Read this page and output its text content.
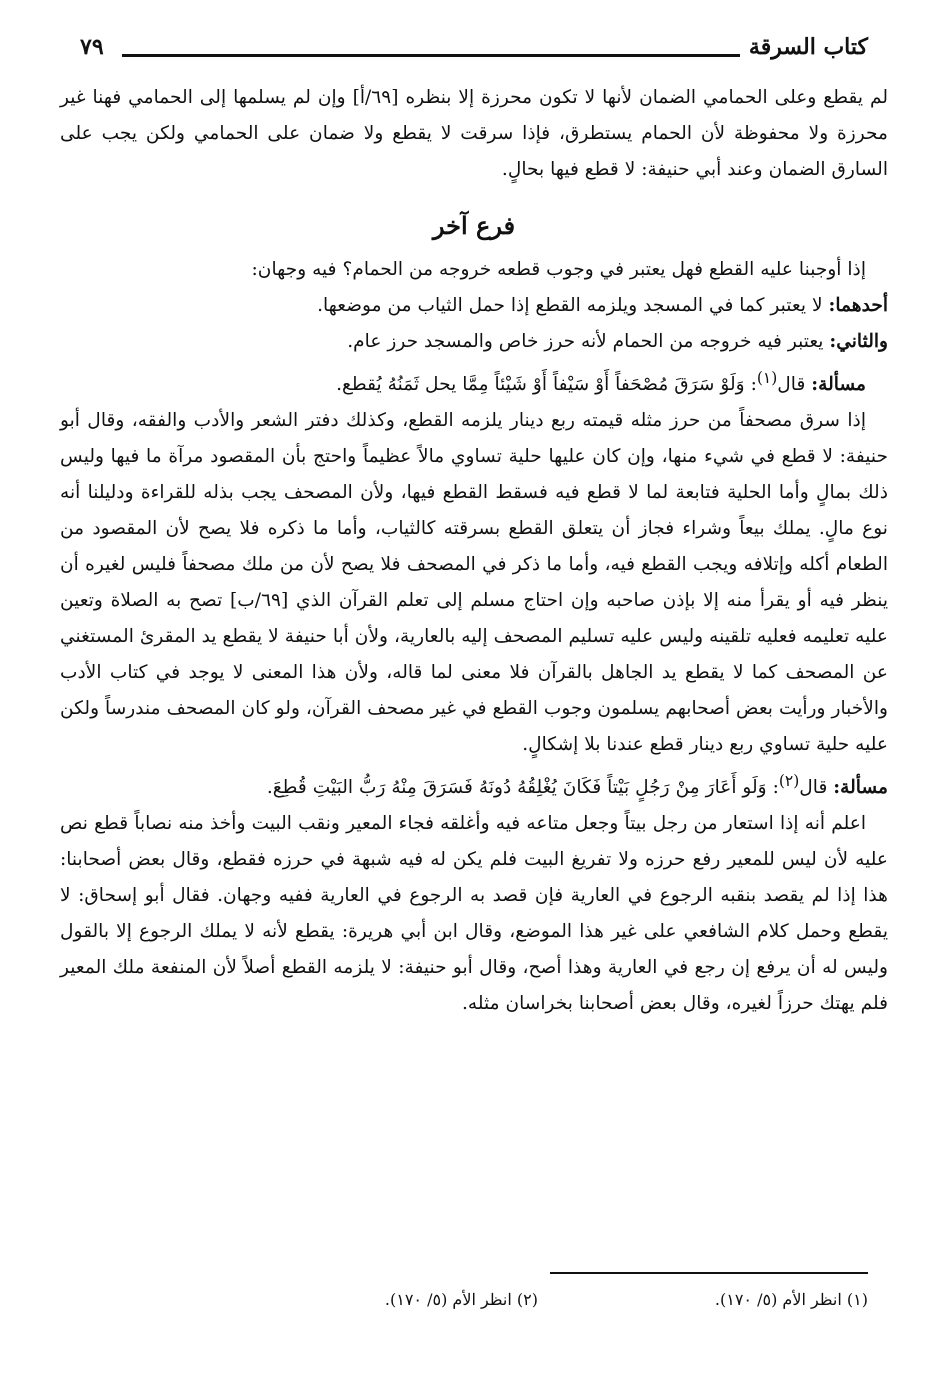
كتاب السرقة
٧٩

لم يقطع وعلى الحمامي الضمان لأنها لا تكون محرزة إلا بنظره [٦٩/أ] وإن لم يسلمها إلى الحمامي فهنا غير محرزة ولا محفوظة لأن الحمام يستطرق، فإذا سرقت لا يقطع ولا ضمان على الحمامي ولكن يجب على السارق الضمان وعند أبي حنيفة: لا قطع فيها بحالٍ.

فرع آخر

إذا أوجبنا عليه القطع فهل يعتبر في وجوب قطعه خروجه من الحمام؟ فيه وجهان:

أحدهما: لا يعتبر كما في المسجد ويلزمه القطع إذا حمل الثياب من موضعها.

والثاني: يعتبر فيه خروجه من الحمام لأنه حرز خاص والمسجد حرز عام.

مسألة: قال$^{(١)}$: وَلَوْ سَرَقَ مُصْحَفاً أَوْ سَيْفاً أَوْ شَيْئاً مِمَّا يحل ثَمَنُهُ يُقطع.

إذا سرق مصحفاً من حرز مثله قيمته ربع دينار يلزمه القطع، وكذلك دفتر الشعر والأدب والفقه، وقال أبو حنيفة: لا قطع في شيء منها، وإن كان عليها حلية تساوي مالاً عظيماً واحتج بأن المقصود مرآة ما فيها وليس ذلك بمالٍ وأما الحلية فتابعة لما لا قطع فيه فسقط القطع فيها، ولأن المصحف يجب بذله للقراءة ودليلنا أنه نوع مالٍ. يملك بيعاً وشراء فجاز أن يتعلق القطع بسرقته كالثياب، وأما ما ذكره فلا يصح لأن المقصود من الطعام أكله وإتلافه ويجب القطع فيه، وأما ما ذكر في المصحف فلا يصح لأن من ملك مصحفاً فليس لغيره أن ينظر فيه أو يقرأ منه إلا بإذن صاحبه وإن احتاج مسلم إلى تعلم القرآن الذي [٦٩/ب] تصح به الصلاة وتعين عليه تعليمه فعليه تلقينه وليس عليه تسليم المصحف إليه بالعارية، ولأن أبا حنيفة لا يقطع يد المقرئ المستغني عن المصحف كما لا يقطع يد الجاهل بالقرآن فلا معنى لما قاله، ولأن هذا المعنى لا يوجد في كتاب الأدب والأخبار ورأيت بعض أصحابهم يسلمون وجوب القطع في غير مصحف القرآن، ولو كان المصحف مندرساً ولكن عليه حلية تساوي ربع دينار قطع عندنا بلا إشكالٍ.

مسألة: قال$^{(٢)}$: وَلَو أَعَارَ مِنْ رَجُلٍ بَيْتاً فَكَانَ يُغْلِقُهُ دُونَهُ فَسَرَقَ مِنْهُ رَبُّ البَيْتِ قُطِعَ.

اعلم أنه إذا استعار من رجل بيتاً وجعل متاعه فيه وأغلقه فجاء المعير ونقب البيت وأخذ منه نصاباً قطع نص عليه لأن ليس للمعير رفع حرزه ولا تفريغ البيت فلم يكن له فيه شبهة في حرزه فقطع، وقال بعض أصحابنا: هذا إذا لم يقصد بنقبه الرجوع في العارية فإن قصد به الرجوع في العارية ففيه وجهان. فقال أبو إسحاق: لا يقطع وحمل كلام الشافعي على غير هذا الموضع، وقال ابن أبي هريرة: يقطع لأنه لا يملك الرجوع إلا بالقول وليس له أن يرفع إن رجع في العارية وهذا أصح، وقال أبو حنيفة: لا يلزمه القطع أصلاً لأن المنفعة ملك المعير فلم يهتك حرزاً لغيره، وقال بعض أصحابنا بخراسان مثله.

(١) انظر الأم (٥/ ١٧٠).
(٢) انظر الأم (٥/ ١٧٠).
